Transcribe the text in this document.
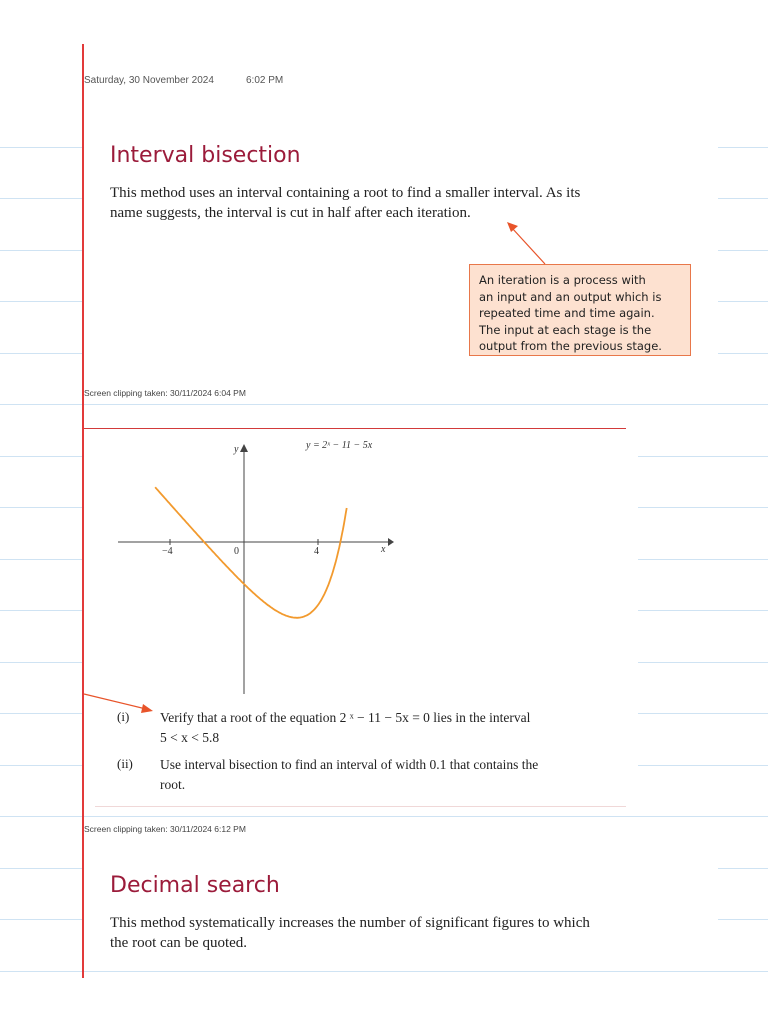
Saturday, 30 November 2024	6:02 PM
Interval bisection
This method uses an interval containing a root to find a smaller interval. As its
name suggests, the interval is cut in half after each iteration.
An iteration is a process with
an input and an output which is
repeated time and time again.
The input at each stage is the
output from the previous stage.
Screen clipping taken: 30/11/2024 6:04 PM
y
x
−4	0	4
y = 2ˣ − 11 − 5x
(i) Verify that a root of the equation 2 ˣ − 11 − 5x = 0 lies in the interval
5 < x < 5.8
(ii) Use interval bisection to find an interval of width 0.1 that contains the
root.
Screen clipping taken: 30/11/2024 6:12 PM
Decimal search
This method systematically increases the number of significant figures to which
the root can be quoted.
